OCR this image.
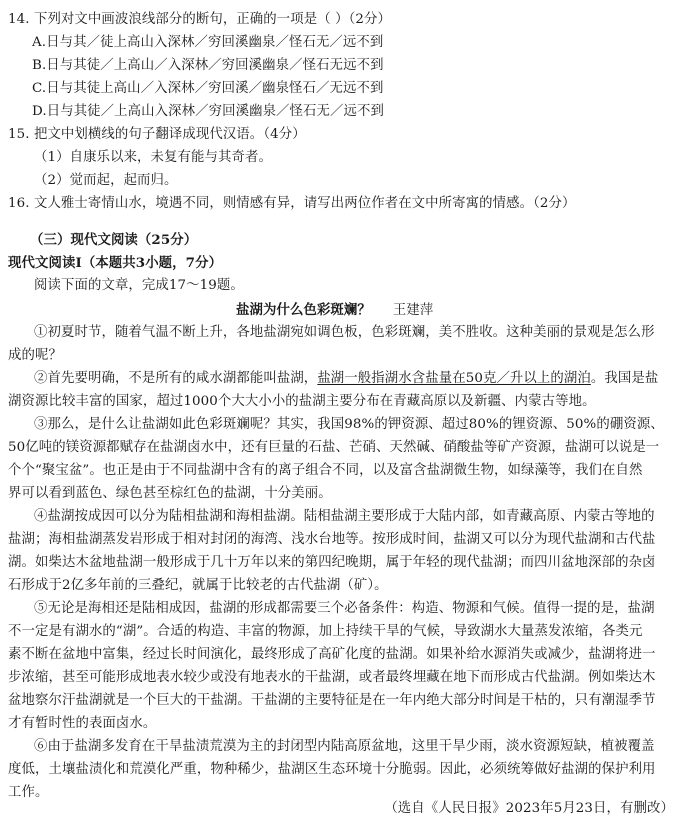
14. 下列对文中画波浪线部分的断句，正确的一项是（ ）（2分）
A.日与其／徒上高山入深林／穷回溪幽泉／怪石无／远不到
B.日与其徒／上高山／入深林／穷回溪幽泉／怪石无远不到
C.日与其徒上高山／入深林／穷回溪／幽泉怪石／无远不到
D.日与其徒／上高山入深林／穷回溪幽泉／怪石无／远不到
15. 把文中划横线的句子翻译成现代汉语。（4分）
（1）自康乐以来，未复有能与其奇者。
（2）觉而起，起而归。
16. 文人雅士寄情山水，境遇不同，则情感有异，请写出两位作者在文中所寄寓的情感。（2分）
（三）现代文阅读（25分）
现代文阅读Ⅰ（本题共3小题，7分）
阅读下面的文章，完成17～19题。
盐湖为什么色彩斑斓？ 王建萍
①初夏时节，随着气温不断上升，各地盐湖宛如调色板，色彩斑斓，美不胜收。这种美丽的景观是怎么形
成的呢？
②首先要明确，不是所有的咸水湖都能叫盐湖，盐湖一般指湖水含盐量在50克／升以上的湖泊。我国是盐
湖资源比较丰富的国家，超过1000个大大小小的盐湖主要分布在青藏高原以及新疆、内蒙古等地。
③那么，是什么让盐湖如此色彩斑斓呢？其实，我国98%的钾资源、超过80%的锂资源、50%的硼资源、
50亿吨的镁资源都赋存在盐湖卤水中，还有巨量的石盐、芒硝、天然碱、硝酸盐等矿产资源，盐湖可以说是一
个个“聚宝盆”。也正是由于不同盐湖中含有的离子组合不同，以及富含盐湖微生物，如绿藻等，我们在自然
界可以看到蓝色、绿色甚至棕红色的盐湖，十分美丽。
④盐湖按成因可以分为陆相盐湖和海相盐湖。陆相盐湖主要形成于大陆内部，如青藏高原、内蒙古等地的
盐湖；海相盐湖蒸发岩形成于相对封闭的海湾、浅水台地等。按形成时间，盐湖又可以分为现代盐湖和古代盐
湖。如柴达木盆地盐湖一般形成于几十万年以来的第四纪晚期，属于年轻的现代盐湖；而四川盆地深部的杂卤
石形成于2亿多年前的三叠纪，就属于比较老的古代盐湖（矿）。
⑤无论是海相还是陆相成因，盐湖的形成都需要三个必备条件：构造、物源和气候。值得一提的是，盐湖
不一定是有湖水的“湖”。合适的构造、丰富的物源，加上持续干旱的气候，导致湖水大量蒸发浓缩，各类元
素不断在盆地中富集，经过长时间演化，最终形成了高矿化度的盐湖。如果补给水源消失或减少，盐湖将进一
步浓缩，甚至可能形成地表水较少或没有地表水的干盐湖，或者最终埋藏在地下而形成古代盐湖。例如柴达木
盆地察尔汗盐湖就是一个巨大的干盐湖。干盐湖的主要特征是在一年内绝大部分时间是干枯的，只有潮湿季节
才有暂时性的表面卤水。
⑥由于盐湖多发育在干旱盐渍荒漠为主的封闭型内陆高原盆地，这里干旱少雨，淡水资源短缺，植被覆盖
度低，土壤盐渍化和荒漠化严重，物种稀少，盐湖区生态环境十分脆弱。因此，必须统筹做好盐湖的保护利用
工作。
（选自《人民日报》2023年5月23日，有删改）
